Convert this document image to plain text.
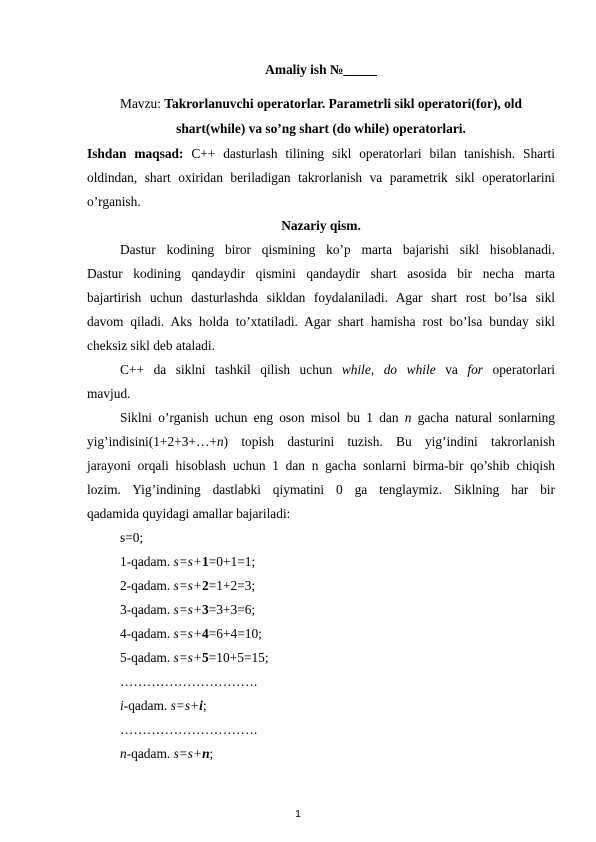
Amaliy ish №_____
Mavzu: Takrorlanuvchi operatorlar. Parametrli sikl operatori(for), old
shart(while) va so’ng shart (do while) operatorlari.
Ishdan maqsad: C++ dasturlash tilining sikl operatorlari bilan tanishish. Sharti
oldindan, shart oxiridan beriladigan takrorlanish va parametrik sikl operatorlarini
o’rganish.
Nazariy qism.
Dastur kodining biror qismining ko’p marta bajarishi sikl hisoblanadi.
Dastur kodining qandaydir qismini qandaydir shart asosida bir necha marta
bajartirish uchun dasturlashda sikldan foydalaniladi. Agar shart rost bo’lsa sikl
davom qiladi. Aks holda to’xtatiladi. Agar shart hamisha rost bo’lsa bunday sikl
cheksiz sikl deb ataladi.
C++ da siklni tashkil qilish uchun while, do while va for operatorlari
mavjud.
Siklni o’rganish uchun eng oson misol bu 1 dan n gacha natural sonlarning
yig’indisini(1+2+3+…+n) topish dasturini tuzish. Bu yig’indini takrorlanish
jarayoni orqali hisoblash uchun 1 dan n gacha sonlarni birma-bir qo’shib chiqish
lozim. Yig’indining dastlabki qiymatini 0 ga tenglaymiz. Siklning har bir
qadamida quyidagi amallar bajariladi:
s=0;
1-qadam. s=s+1=0+1=1;
2-qadam. s=s+2=1+2=3;
3-qadam. s=s+3=3+3=6;
4-qadam. s=s+4=6+4=10;
5-qadam. s=s+5=10+5=15;
………………………….
i-qadam. s=s+i;
………………………….
n-qadam. s=s+n;
1
